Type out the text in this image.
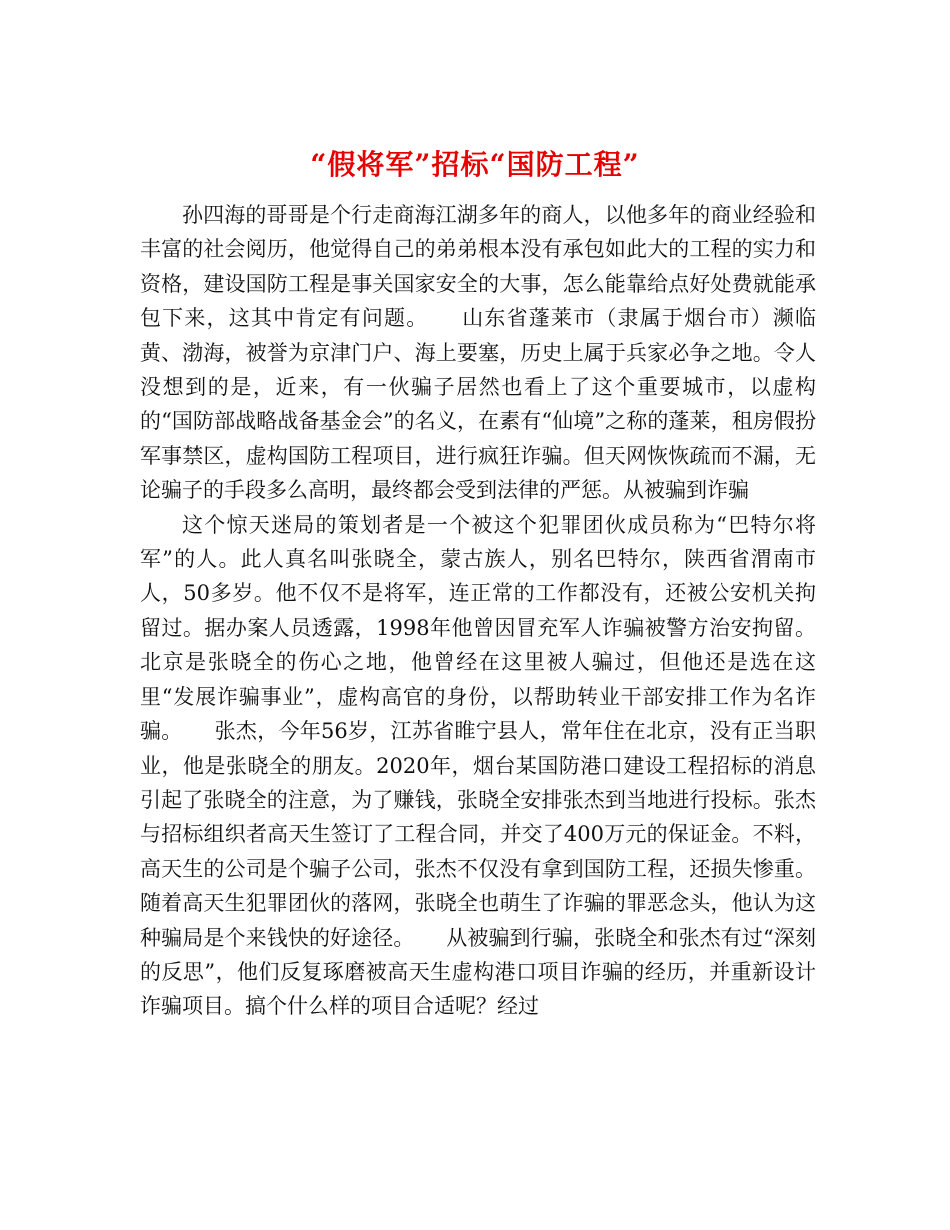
“假将军”招标“国防工程”

孙四海的哥哥是个行走商海江湖多年的商人，以他多年的商业经验和丰富的社会阅历，他觉得自己的弟弟根本没有承包如此大的工程的实力和资格，建设国防工程是事关国家安全的大事，怎么能靠给点好处费就能承包下来，这其中肯定有问题。　　山东省蓬莱市（隶属于烟台市）濒临黄、渤海，被誉为京津门户、海上要塞，历史上属于兵家必争之地。令人没想到的是，近来，有一伙骗子居然也看上了这个重要城市，以虚构的“国防部战略战备基金会”的名义，在素有“仙境”之称的蓬莱，租房假扮军事禁区，虚构国防工程项目，进行疯狂诈骗。但天网恢恢疏而不漏，无论骗子的手段多么高明，最终都会受到法律的严惩。从被骗到诈骗

这个惊天迷局的策划者是一个被这个犯罪团伙成员称为“巴特尔将军”的人。此人真名叫张晓全，蒙古族人，别名巴特尔，陕西省渭南市人，50多岁。他不仅不是将军，连正常的工作都没有，还被公安机关拘留过。据办案人员透露，1998年他曾因冒充军人诈骗被警方治安拘留。北京是张晓全的伤心之地，他曾经在这里被人骗过，但他还是选在这里“发展诈骗事业”，虚构高官的身份，以帮助转业干部安排工作为名诈骗。　　张杰，今年56岁，江苏省睢宁县人，常年住在北京，没有正当职业，他是张晓全的朋友。2020年，烟台某国防港口建设工程招标的消息引起了张晓全的注意，为了赚钱，张晓全安排张杰到当地进行投标。张杰与招标组织者高天生签订了工程合同，并交了400万元的保证金。不料，高天生的公司是个骗子公司，张杰不仅没有拿到国防工程，还损失惨重。随着高天生犯罪团伙的落网，张晓全也萌生了诈骗的罪恶念头，他认为这种骗局是个来钱快的好途径。　　从被骗到行骗，张晓全和张杰有过“深刻的反思”，他们反复琢磨被高天生虚构港口项目诈骗的经历，并重新设计诈骗项目。搞个什么样的项目合适呢？经过
